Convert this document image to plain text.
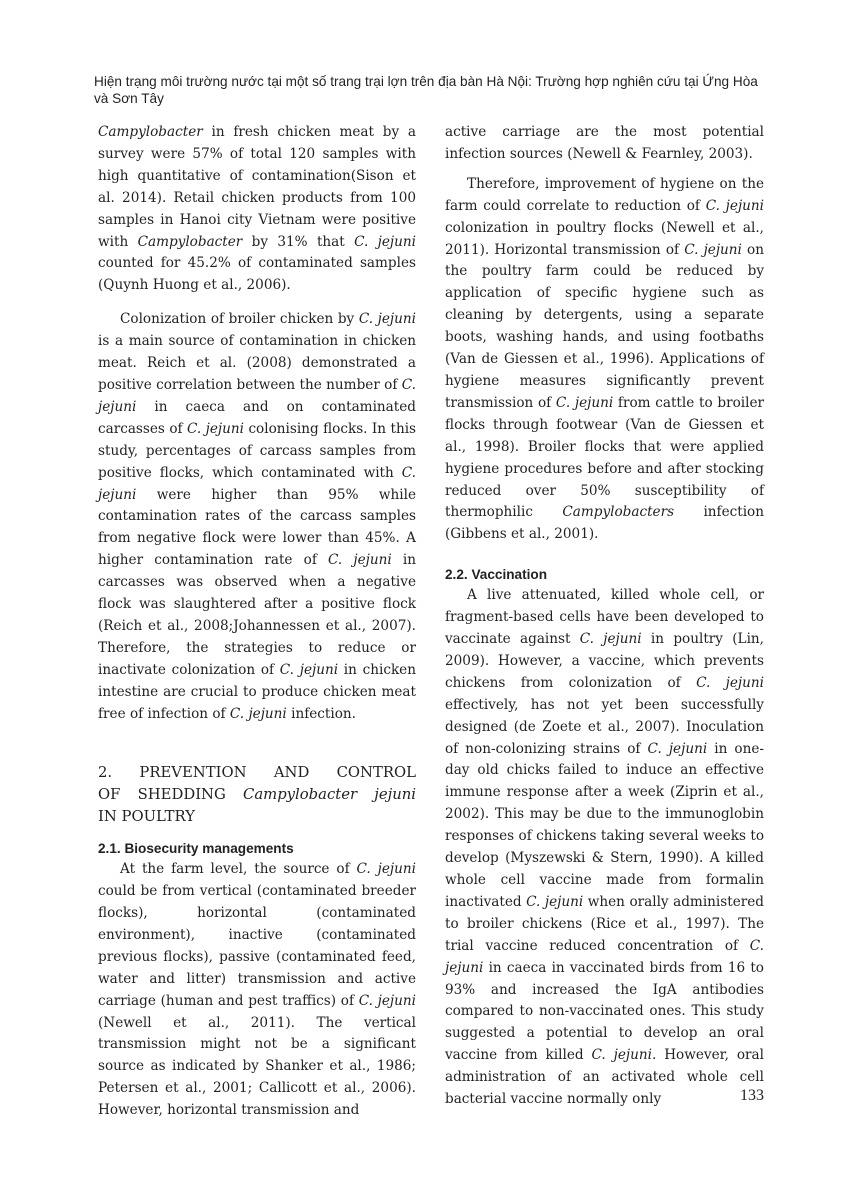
Hiện trạng môi trường nước tại một số trang trại lợn trên địa bàn Hà Nội: Trường hợp nghiên cứu tại Ứng Hòa và Sơn Tây

Campylobacter in fresh chicken meat by a survey were 57% of total 120 samples with high quantitative of contamination(Sison et al. 2014). Retail chicken products from 100 samples in Hanoi city Vietnam were positive with Campylobacter by 31% that C. jejuni counted for 45.2% of contaminated samples (Quynh Huong et al., 2006).

Colonization of broiler chicken by C. jejuni is a main source of contamination in chicken meat. Reich et al. (2008) demonstrated a positive correlation between the number of C. jejuni in caeca and on contaminated carcasses of C. jejuni colonising flocks. In this study, percentages of carcass samples from positive flocks, which contaminated with C. jejuni were higher than 95% while contamination rates of the carcass samples from negative flock were lower than 45%. A higher contamination rate of C. jejuni in carcasses was observed when a negative flock was slaughtered after a positive flock (Reich et al., 2008;Johannessen et al., 2007). Therefore, the strategies to reduce or inactivate colonization of C. jejuni in chicken intestine are crucial to produce chicken meat free of infection of C. jejuni infection.

2. PREVENTION AND CONTROL
OF SHEDDING Campylobacter jejuni
IN POULTRY
2.1. Biosecurity managements

At the farm level, the source of C. jejuni could be from vertical (contaminated breeder flocks), horizontal (contaminated environment), inactive (contaminated previous flocks), passive (contaminated feed, water and litter) transmission and active carriage (human and pest traffics) of C. jejuni (Newell et al., 2011). The vertical transmission might not be a significant source as indicated by Shanker et al., 1986; Petersen et al., 2001; Callicott et al., 2006). However, horizontal transmission and

active carriage are the most potential infection sources (Newell & Fearnley, 2003).

Therefore, improvement of hygiene on the farm could correlate to reduction of C. jejuni colonization in poultry flocks (Newell et al., 2011). Horizontal transmission of C. jejuni on the poultry farm could be reduced by application of specific hygiene such as cleaning by detergents, using a separate boots, washing hands, and using footbaths (Van de Giessen et al., 1996). Applications of hygiene measures significantly prevent transmission of C. jejuni from cattle to broiler flocks through footwear (Van de Giessen et al., 1998). Broiler flocks that were applied hygiene procedures before and after stocking reduced over 50% susceptibility of thermophilic Campylobacters infection (Gibbens et al., 2001).

2.2. Vaccination

A live attenuated, killed whole cell, or fragment-based cells have been developed to vaccinate against C. jejuni in poultry (Lin, 2009). However, a vaccine, which prevents chickens from colonization of C. jejuni effectively, has not yet been successfully designed (de Zoete et al., 2007). Inoculation of non-colonizing strains of C. jejuni in one-day old chicks failed to induce an effective immune response after a week (Ziprin et al., 2002). This may be due to the immunoglobin responses of chickens taking several weeks to develop (Myszewski & Stern, 1990). A killed whole cell vaccine made from formalin inactivated C. jejuni when orally administered to broiler chickens (Rice et al., 1997). The trial vaccine reduced concentration of C. jejuni in caeca in vaccinated birds from 16 to 93% and increased the IgA antibodies compared to non-vaccinated ones. This study suggested a potential to develop an oral vaccine from killed C. jejuni. However, oral administration of an activated whole cell bacterial vaccine normally only	133
